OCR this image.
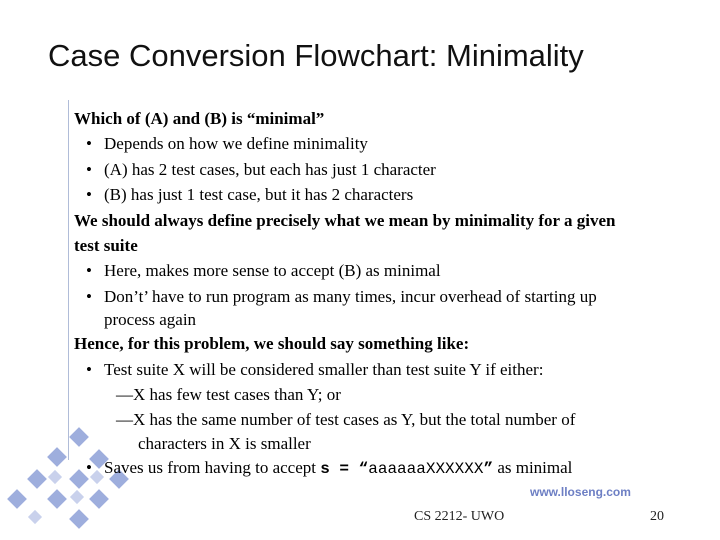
Case Conversion Flowchart: Minimality
Which of (A) and (B) is “minimal”
• Depends on how we define minimality
• (A) has 2 test cases, but each has just 1 character
• (B) has just 1 test case, but it has 2 characters
We should always define precisely what we mean by minimality for a given
test suite
• Here, makes more sense to accept (B) as minimal
• Don’t’ have to run program as many times, incur overhead of starting up
process again
Hence, for this problem, we should say something like:
• Test suite X will be considered smaller than test suite Y if either:
—X has few test cases than Y; or
—X has the same number of test cases as Y, but the total number of
characters in X is smaller
• Saves us from having to accept s = “aaaaaaXXXXXX” as minimal
www.lloseng.com
CS 2212- UWO	20
